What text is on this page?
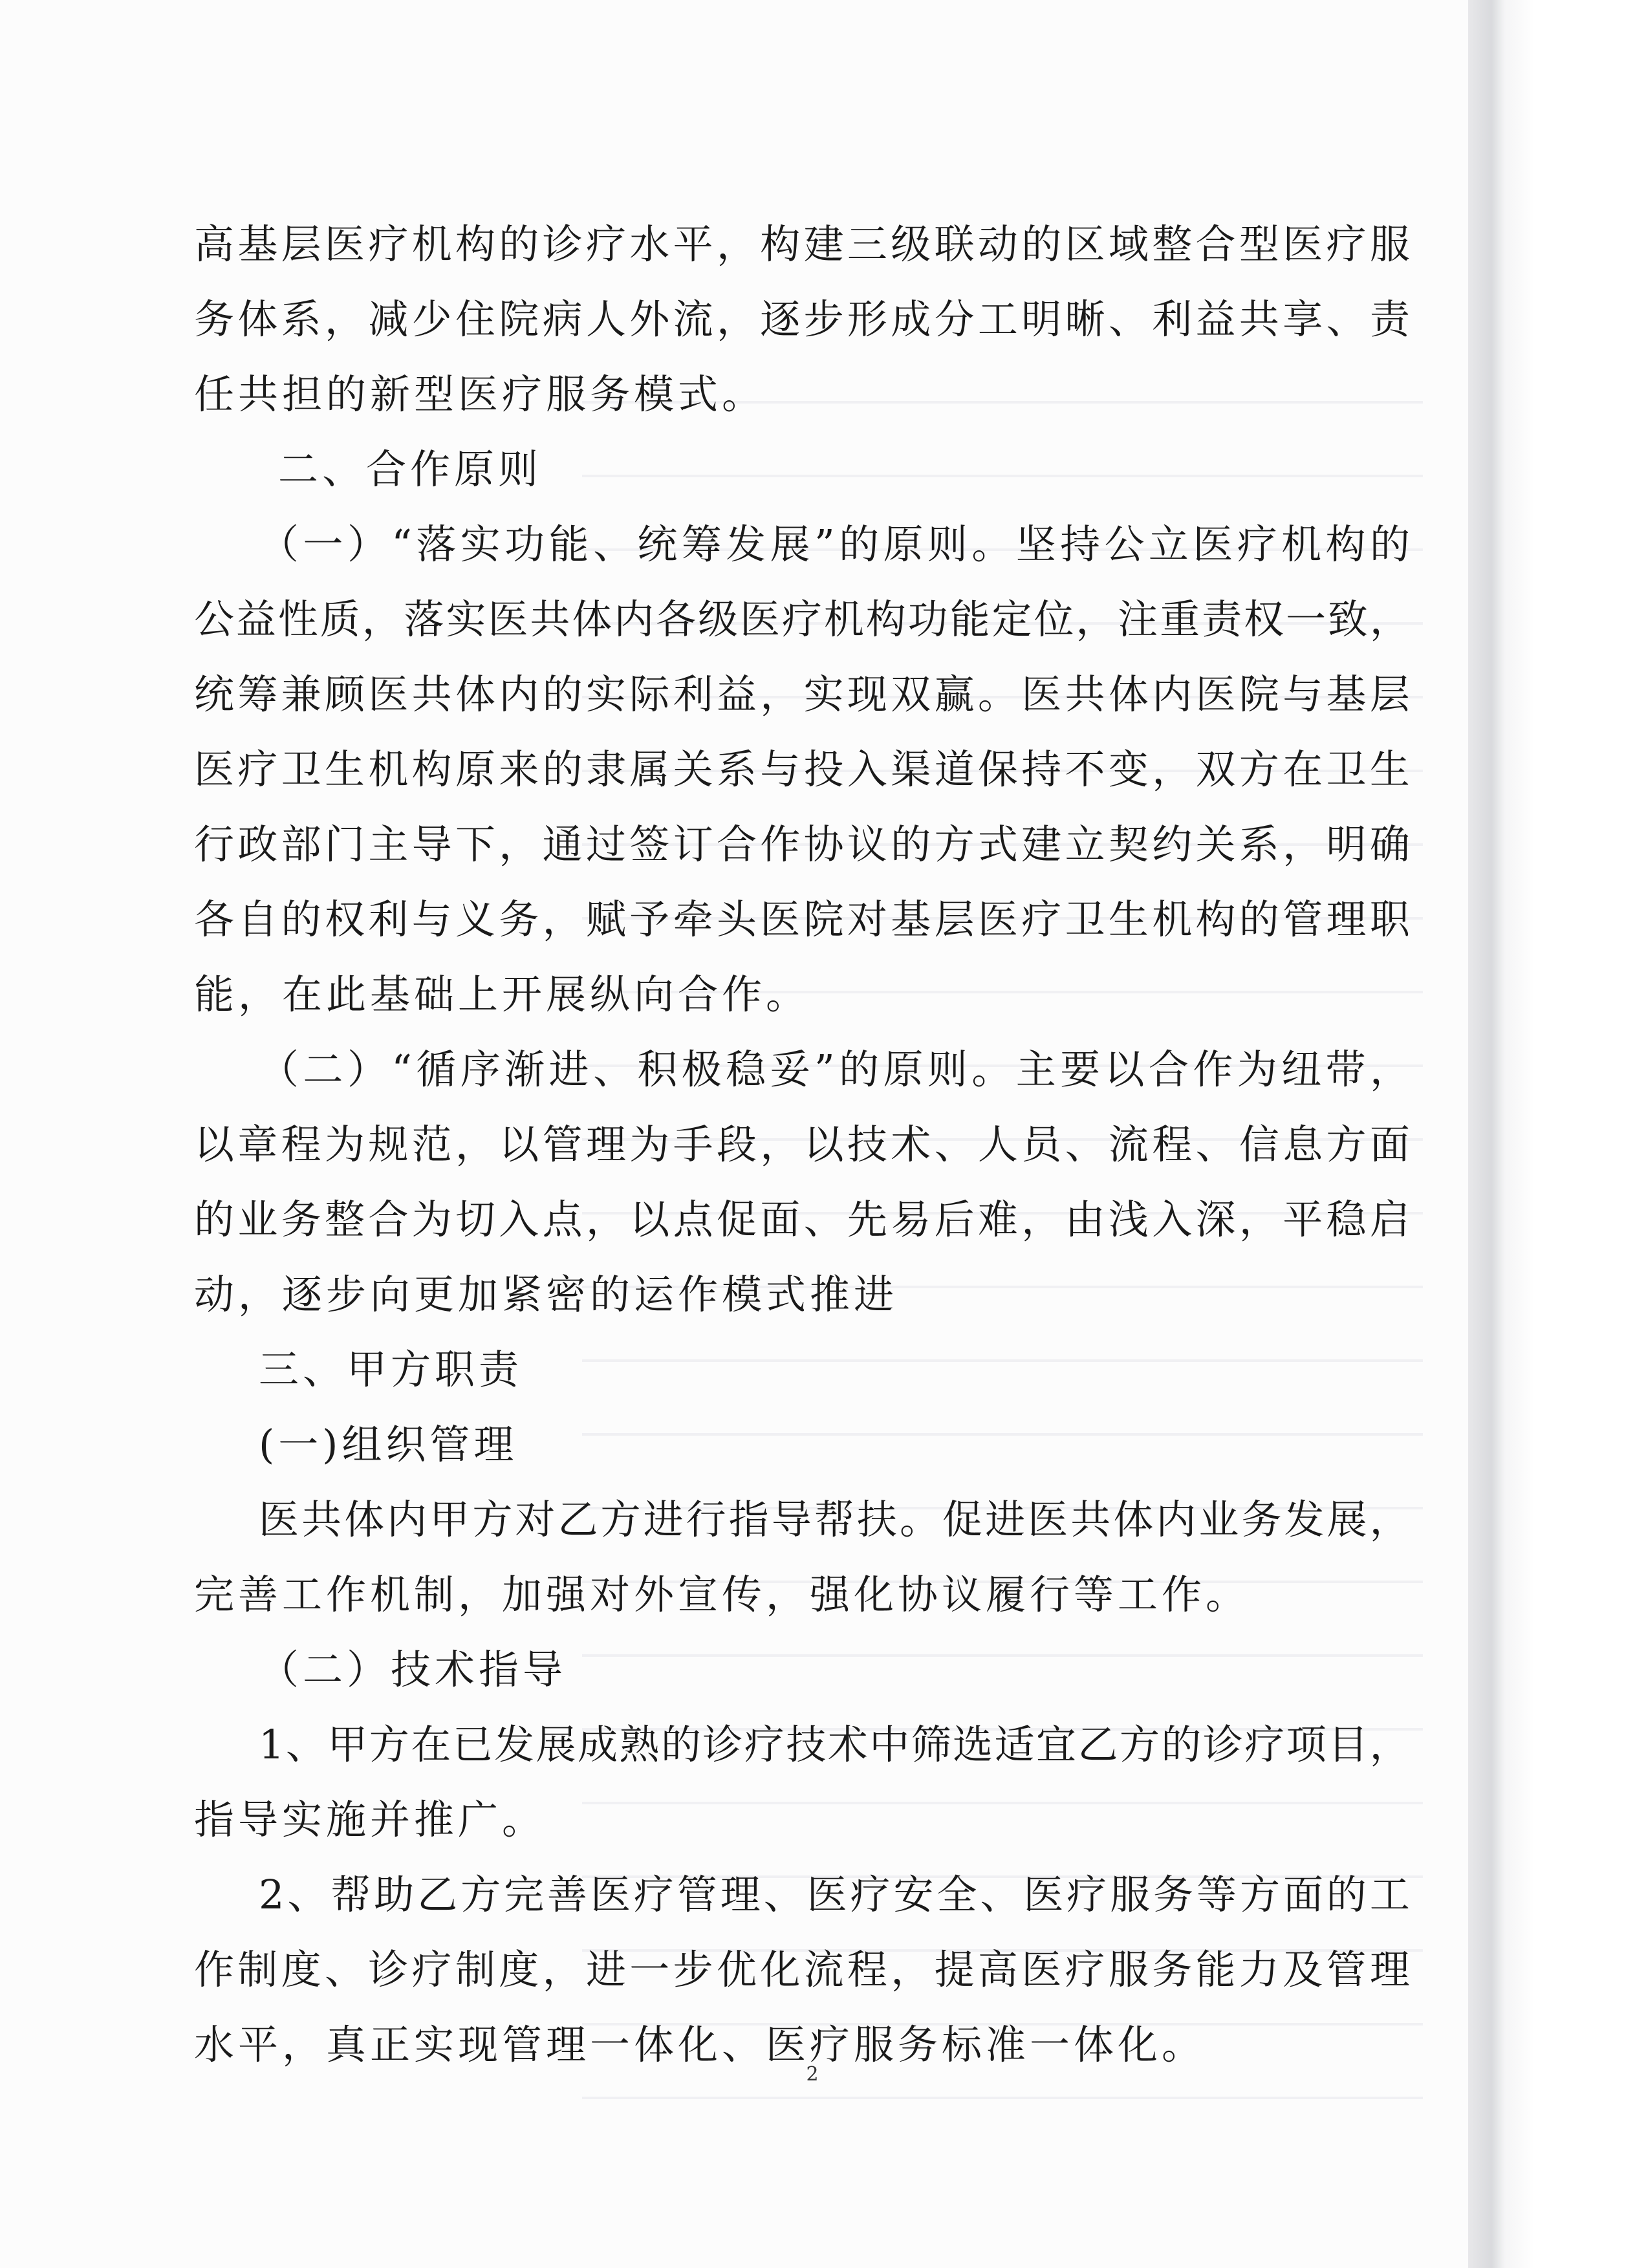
高 基 层 医 疗 机 构 的 诊 疗 水 平 ， 构 建 三 级 联 动 的 区 域 整 合 型 医 疗 服
务 体 系 ， 减 少 住 院 病 人 外 流 ， 逐 步 形 成 分 工 明 晰 、 利 益 共 享 、 责
任共担的新型医疗服务模式。
二、合作原则
（ 一 ） “ 落 实 功 能 、 统 筹 发 展 ” 的 原 则 。 坚 持 公 立 医 疗 机 构 的
公 益 性 质 ， 落 实 医 共 体 内 各 级 医 疗 机 构 功 能 定 位 ， 注 重 责 权 一 致 ，
统 筹 兼 顾 医 共 体 内 的 实 际 利 益 ， 实 现 双 赢 。 医 共 体 内 医 院 与 基 层
医 疗 卫 生 机 构 原 来 的 隶 属 关 系 与 投 入 渠 道 保 持 不 变 ， 双 方 在 卫 生
行 政 部 门 主 导 下 ， 通 过 签 订 合 作 协 议 的 方 式 建 立 契 约 关 系 ， 明 确
各 自 的 权 利 与 义 务 ， 赋 予 牵 头 医 院 对 基 层 医 疗 卫 生 机 构 的 管 理 职
能，在此基础上开展纵向合作。
（ 二 ） “ 循 序 渐 进 、 积 极 稳 妥 ” 的 原 则 。 主 要 以 合 作 为 纽 带 ，
以 章 程 为 规 范 ， 以 管 理 为 手 段 ， 以 技 术 、 人 员 、 流 程 、 信 息 方 面
的 业 务 整 合 为 切 入 点 ， 以 点 促 面 、 先 易 后 难 ， 由 浅 入 深 ， 平 稳 启
动，逐步向更加紧密的运作模式推进
三、甲方职责
(一)组织管理
医 共 体 内 甲 方 对 乙 方 进 行 指 导 帮 扶 。 促 进 医 共 体 内 业 务 发 展 ，
完善工作机制，加强对外宣传，强化协议履行等工作。
（二）技术指导
1 、 甲 方 在 已 发 展 成 熟 的 诊 疗 技 术 中 筛 选 适 宜 乙 方 的 诊 疗 项 目 ，
指导实施并推广。
2 、 帮 助 乙 方 完 善 医 疗 管 理 、 医 疗 安 全 、 医 疗 服 务 等 方 面 的 工
作 制 度 、 诊 疗 制 度 ， 进 一 步 优 化 流 程 ， 提 高 医 疗 服 务 能 力 及 管 理
水平，真正实现管理一体化、医疗服务标准一体化。
2
